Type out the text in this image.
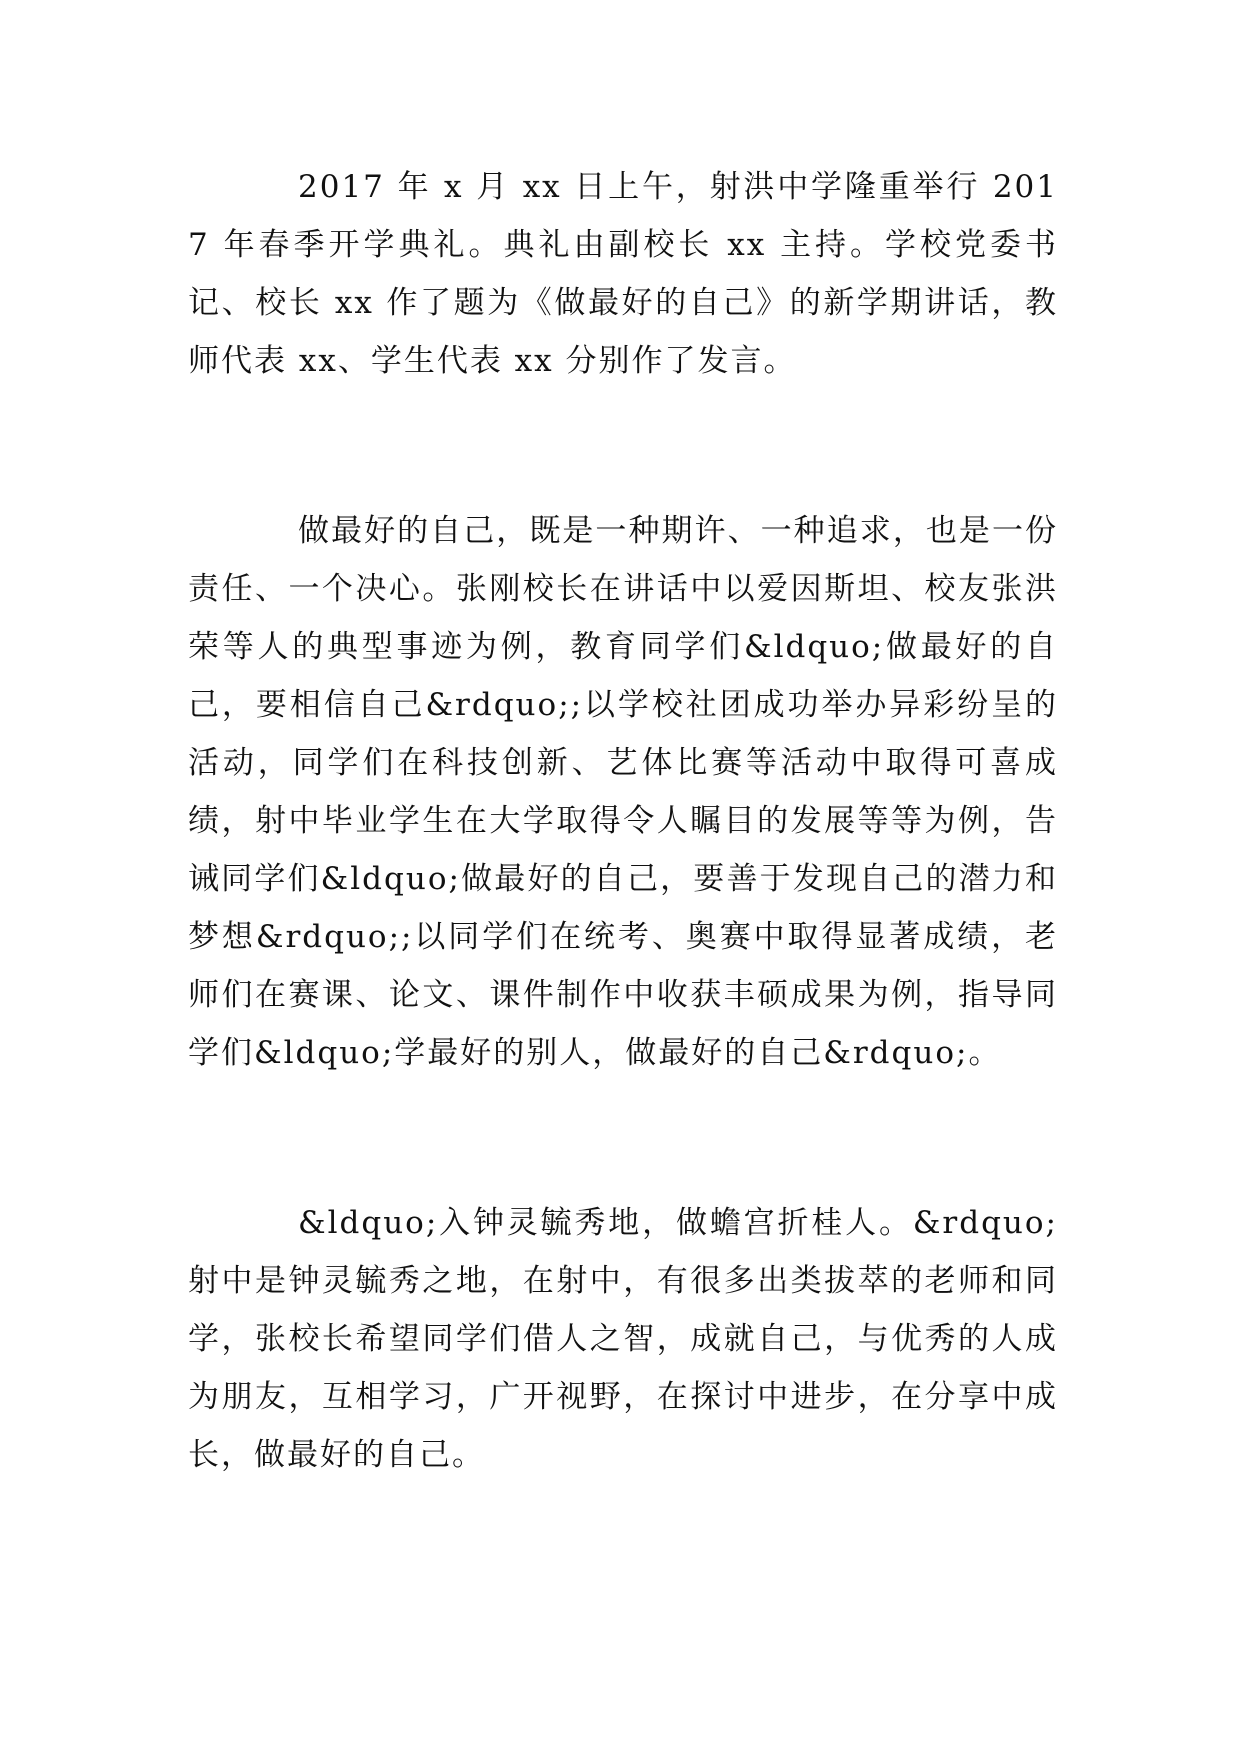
2017 年 x 月 xx 日上午，射洪中学隆重举行 2017 年春季开学典礼。典礼由副校长 xx 主持。学校党委书记、校长 xx 作了题为《做最好的自己》的新学期讲话，教师代表 xx、学生代表 xx 分别作了发言。

做最好的自己，既是一种期许、一种追求，也是一份责任、一个决心。张刚校长在讲话中以爱因斯坦、校友张洪荣等人的典型事迹为例，教育同学们&ldquo;做最好的自己，要相信自己&rdquo;;以学校社团成功举办异彩纷呈的活动，同学们在科技创新、艺体比赛等活动中取得可喜成绩，射中毕业学生在大学取得令人瞩目的发展等等为例，告诫同学们&ldquo;做最好的自己，要善于发现自己的潜力和梦想&rdquo;;以同学们在统考、奥赛中取得显著成绩，老师们在赛课、论文、课件制作中收获丰硕成果为例，指导同学们&ldquo;学最好的别人，做最好的自己&rdquo;。

&ldquo;入钟灵毓秀地，做蟾宫折桂人。&rdquo;射中是钟灵毓秀之地，在射中，有很多出类拔萃的老师和同学，张校长希望同学们借人之智，成就自己，与优秀的人成为朋友，互相学习，广开视野，在探讨中进步，在分享中成长，做最好的自己。
